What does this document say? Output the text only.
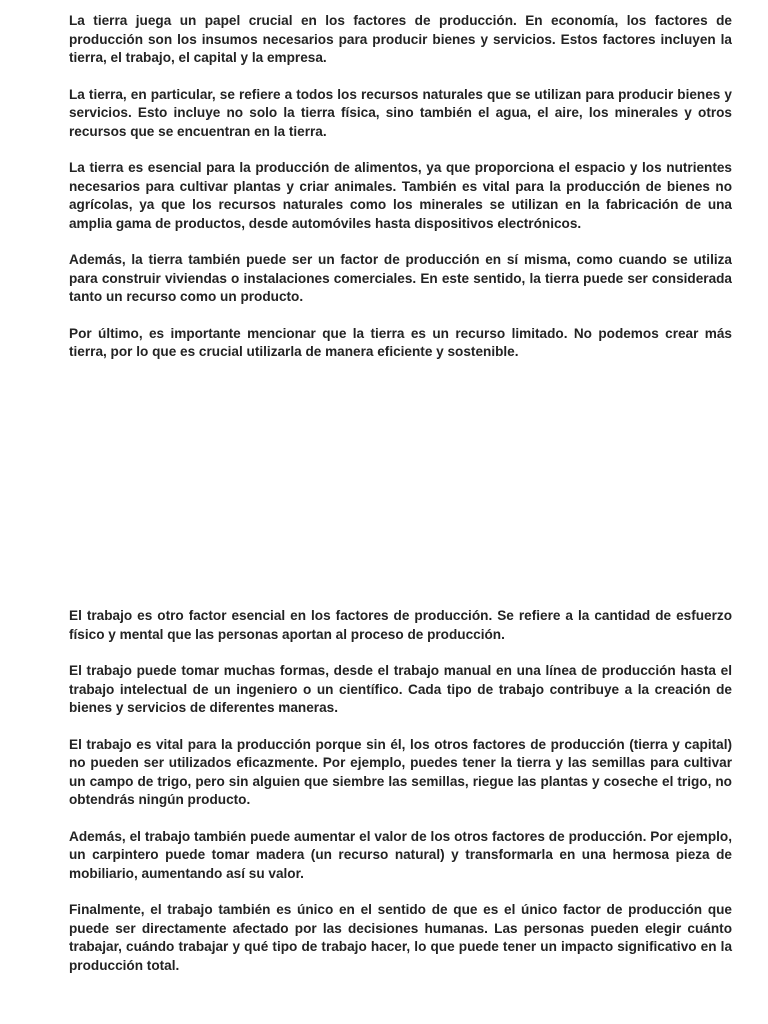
La tierra juega un papel crucial en los factores de producción. En economía, los factores de producción son los insumos necesarios para producir bienes y servicios. Estos factores incluyen la tierra, el trabajo, el capital y la empresa.

La tierra, en particular, se refiere a todos los recursos naturales que se utilizan para producir bienes y servicios. Esto incluye no solo la tierra física, sino también el agua, el aire, los minerales y otros recursos que se encuentran en la tierra.

La tierra es esencial para la producción de alimentos, ya que proporciona el espacio y los nutrientes necesarios para cultivar plantas y criar animales. También es vital para la producción de bienes no agrícolas, ya que los recursos naturales como los minerales se utilizan en la fabricación de una amplia gama de productos, desde automóviles hasta dispositivos electrónicos.

Además, la tierra también puede ser un factor de producción en sí misma, como cuando se utiliza para construir viviendas o instalaciones comerciales. En este sentido, la tierra puede ser considerada tanto un recurso como un producto.

Por último, es importante mencionar que la tierra es un recurso limitado. No podemos crear más tierra, por lo que es crucial utilizarla de manera eficiente y sostenible.

El trabajo es otro factor esencial en los factores de producción. Se refiere a la cantidad de esfuerzo físico y mental que las personas aportan al proceso de producción.

El trabajo puede tomar muchas formas, desde el trabajo manual en una línea de producción hasta el trabajo intelectual de un ingeniero o un científico. Cada tipo de trabajo contribuye a la creación de bienes y servicios de diferentes maneras.

El trabajo es vital para la producción porque sin él, los otros factores de producción (tierra y capital) no pueden ser utilizados eficazmente. Por ejemplo, puedes tener la tierra y las semillas para cultivar un campo de trigo, pero sin alguien que siembre las semillas, riegue las plantas y coseche el trigo, no obtendrás ningún producto.

Además, el trabajo también puede aumentar el valor de los otros factores de producción. Por ejemplo, un carpintero puede tomar madera (un recurso natural) y transformarla en una hermosa pieza de mobiliario, aumentando así su valor.

Finalmente, el trabajo también es único en el sentido de que es el único factor de producción que puede ser directamente afectado por las decisiones humanas. Las personas pueden elegir cuánto trabajar, cuándo trabajar y qué tipo de trabajo hacer, lo que puede tener un impacto significativo en la producción total.
